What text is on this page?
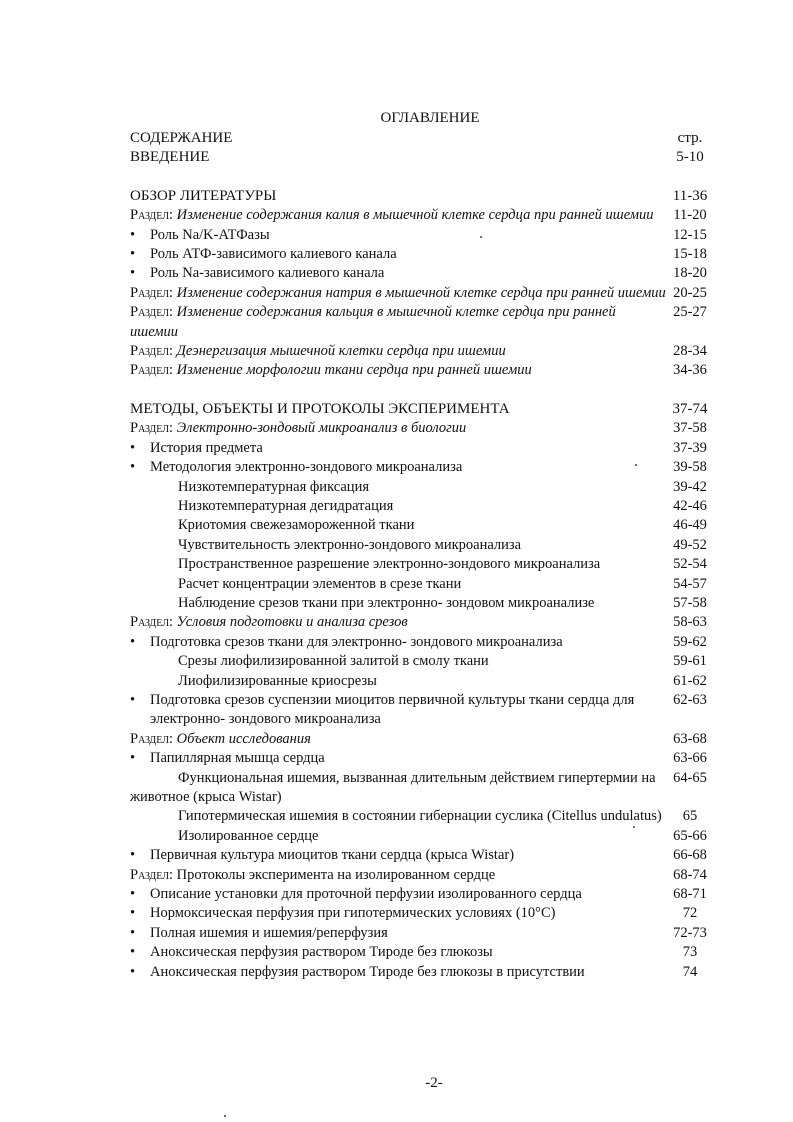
ОГЛАВЛЕНИЕ
СОДЕРЖАНИЕ	стр.
ВВЕДЕНИЕ	5-10
ОБЗОР ЛИТЕРАТУРЫ	11-36
Раздел: Изменение содержания калия в мышечной клетке сердца при ранней ишемии	11-20
•	Роль Na/K-АТФазы	12-15
•	Роль АТФ-зависимого калиевого канала	15-18
•	Роль Na-зависимого калиевого канала	18-20
Раздел: Изменение содержания натрия в мышечной клетке сердца при ранней ишемии 20-25
Раздел: Изменение содержания кальция в мышечной клетке сердца при ранней ишемии
25-27
Раздел: Деэнергизация мышечной клетки сердца при ишемии	28-34
Раздел: Изменение морфологии ткани сердца при ранней ишемии	34-36
МЕТОДЫ, ОБЪЕКТЫ И ПРОТОКОЛЫ ЭКСПЕРИМЕНТА	37-74
Раздел: Электронно-зондовый микроанализ в биологии	37-58
•	История предмета	37-39
•	Методология электронно-зондового микроанализа	39-58
Низкотемпературная фиксация	39-42
Низкотемпературная дегидратация	42-46
Криотомия свежезамороженной ткани	46-49
Чувствительность электронно-зондового микроанализа	49-52
Пространственное разрешение электронно-зондового микроанализа	52-54
Расчет концентрации элементов в срезе ткани	54-57
Наблюдение срезов ткани при электронно- зондовом микроанализе	57-58
Раздел: Условия подготовки и анализа срезов	58-63
•	Подготовка срезов ткани для электронно- зондового микроанализа	59-62
Срезы лиофилизированной залитой в смолу ткани	59-61
Лиофилизированные криосрезы	61-62
•	Подготовка срезов суспензии миоцитов первичной культуры ткани сердца для электронно- зондового микроанализа
62-63
Раздел: Объект исследования	63-68
•	Папиллярная мышца сердца	63-66
Функциональная ишемия, вызванная длительным действием гипертермии на животное (крыса Wistar)
64-65
Гипотермическая ишемия в состоянии гибернации суслика (Citellus undulatus)	65
Изолированное сердце	65-66
•	Первичная культура миоцитов ткани сердца (крыса Wistar)	66-68
Раздел: Протоколы эксперимента на изолированном сердце	68-74
•	Описание установки для проточной перфузии изолированного сердца	68-71
•	Нормоксическая перфузия при гипотермических условиях (10°С)	72
•	Полная ишемия и ишемия/реперфузия	72-73
•	Аноксическая перфузия раствором Тироде без глюкозы	73
•	Аноксическая перфузия раствором Тироде без глюкозы в присутствии	74
-2-
